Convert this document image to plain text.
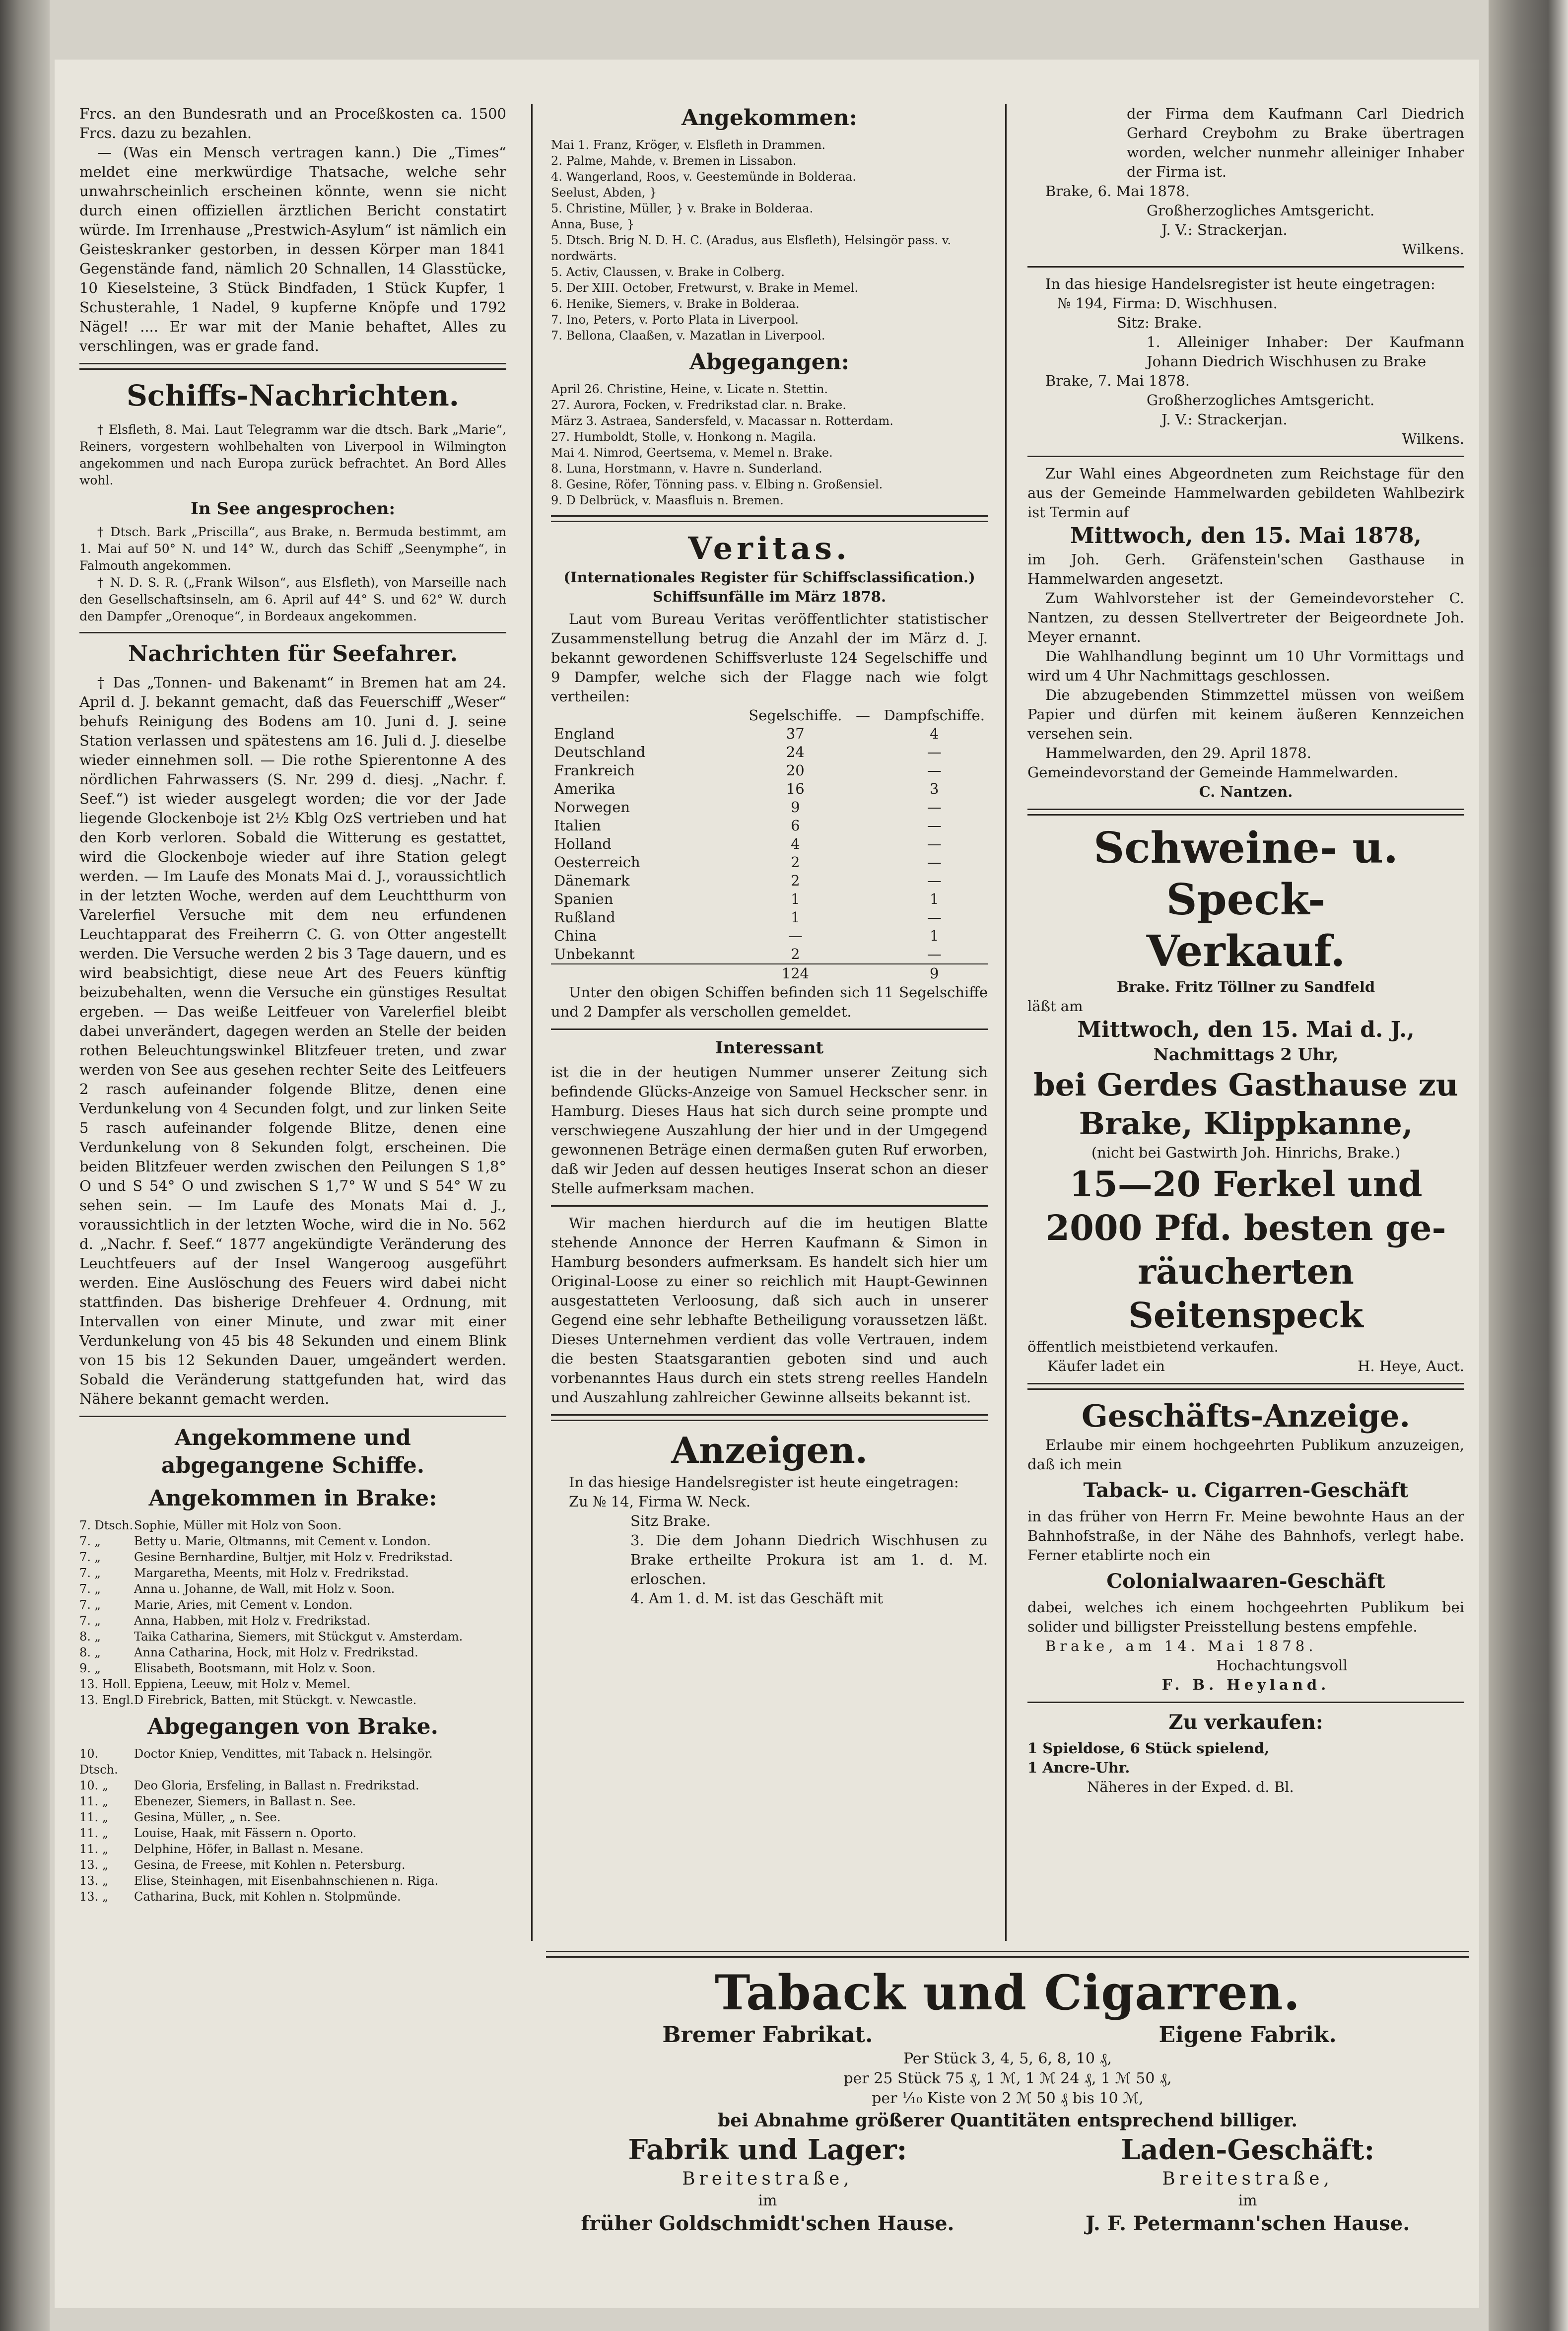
Frcs. an den Bundesrath und an Proceßkosten ca. 1500 Frcs. dazu zu bezahlen.

— (Was ein Mensch vertragen kann.) Die „Times“ meldet eine merkwürdige Thatsache, welche sehr unwahrscheinlich erscheinen könnte, wenn sie nicht durch einen offiziellen ärztlichen Bericht constatirt würde. Im Irrenhause „Prestwich-Asylum“ ist nämlich ein Geisteskranker gestorben, in dessen Körper man 1841 Gegenstände fand, nämlich 20 Schnallen, 14 Glasstücke, 10 Kieselsteine, 3 Stück Bindfaden, 1 Stück Kupfer, 1 Schusterahle, 1 Nadel, 9 kupferne Knöpfe und 1792 Nägel! .... Er war mit der Manie behaftet, Alles zu verschlingen, was er grade fand.

Schiffs-Nachrichten.

† Elsfleth, 8. Mai. Laut Telegramm war die dtsch. Bark „Marie“, Reiners, vorgestern wohlbehalten von Liverpool in Wilmington angekommen und nach Europa zurück befrachtet. An Bord Alles wohl.

In See angesprochen:

† Dtsch. Bark „Priscilla“, aus Brake, n. Bermuda bestimmt, am 1. Mai auf 50° N. und 14° W., durch das Schiff „Seenymphe“, in Falmouth angekommen.

† N. D. S. R. („Frank Wilson“, aus Elsfleth), von Marseille nach den Gesellschaftsinseln, am 6. April auf 44° S. und 62° W. durch den Dampfer „Orenoque“, in Bordeaux angekommen.

Nachrichten für Seefahrer.

† Das „Tonnen- und Bakenamt“ in Bremen hat am 24. April d. J. bekannt gemacht, daß das Feuerschiff „Weser“ behufs Reinigung des Bodens am 10. Juni d. J. seine Station verlassen und spätestens am 16. Juli d. J. dieselbe wieder einnehmen soll. — Die rothe Spierentonne A des nördlichen Fahrwassers (S. Nr. 299 d. diesj. „Nachr. f. Seef.“) ist wieder ausgelegt worden; die vor der Jade liegende Glockenboje ist 2½ Kblg OzS vertrieben und hat den Korb verloren. Sobald die Witterung es gestattet, wird die Glockenboje wieder auf ihre Station gelegt werden. — Im Laufe des Monats Mai d. J., voraussichtlich in der letzten Woche, werden auf dem Leuchtthurm von Varelerfiel Versuche mit dem neu erfundenen Leuchtapparat des Freiherrn C. G. von Otter angestellt werden. Die Versuche werden 2 bis 3 Tage dauern, und es wird beabsichtigt, diese neue Art des Feuers künftig beizubehalten, wenn die Versuche ein günstiges Resultat ergeben. — Das weiße Leitfeuer von Varelerfiel bleibt dabei unverändert, dagegen werden an Stelle der beiden rothen Beleuchtungswinkel Blitzfeuer treten, und zwar werden von See aus gesehen rechter Seite des Leitfeuers 2 rasch aufeinander folgende Blitze, denen eine Verdunkelung von 4 Secunden folgt, und zur linken Seite 5 rasch aufeinander folgende Blitze, denen eine Verdunkelung von 8 Sekunden folgt, erscheinen. Die beiden Blitzfeuer werden zwischen den Peilungen S 1,8° O und S 54° O und zwischen S 1,7° W und S 54° W zu sehen sein. — Im Laufe des Monats Mai d. J., voraussichtlich in der letzten Woche, wird die in No. 562 d. „Nachr. f. Seef.“ 1877 angekündigte Veränderung des Leuchtfeuers auf der Insel Wangeroog ausgeführt werden. Eine Auslöschung des Feuers wird dabei nicht stattfinden. Das bisherige Drehfeuer 4. Ordnung, mit Intervallen von einer Minute, und zwar mit einer Verdunkelung von 45 bis 48 Sekunden und einem Blink von 15 bis 12 Sekunden Dauer, umgeändert werden. Sobald die Veränderung stattgefunden hat, wird das Nähere bekannt gemacht werden.

Angekommene und
abgegangene Schiffe.
Angekommen in Brake:
7. Dtsch. Sophie, Müller mit Holz von Soon.
7. „	Betty u. Marie, Oltmanns, mit Cement v. London.
7. „	Gesine Bernhardine, Bultjer, mit Holz v. Fredrikstad.
7. „	Margaretha, Meents, mit Holz v. Fredrikstad.
7. „	Anna u. Johanne, de Wall, mit Holz v. Soon.
7. „	Marie, Aries, mit Cement v. London.
7. „	Anna, Habben, mit Holz v. Fredrikstad.
8. „	Taika Catharina, Siemers, mit Stückgut v. Amsterdam.
8. „	Anna Catharina, Hock, mit Holz v. Fredrikstad.
9. „	Elisabeth, Bootsmann, mit Holz v. Soon.
13. Holl. Eppiena, Leeuw, mit Holz v. Memel.
13. Engl. D Firebrick, Batten, mit Stückgt. v. Newcastle.
Abgegangen von Brake.
10. Dtsch.
Doctor Kniep, Vendittes, mit Taback n. Helsingör.
10. „	Deo Gloria, Ersfeling, in Ballast n. Fredrikstad.
11. „	Ebenezer, Siemers, in Ballast n. See.
11. „	Gesina, Müller, „ n. See.
11. „	Louise, Haak, mit Fässern n. Oporto.
11. „	Delphine, Höfer, in Ballast n. Mesane.
13. „	Gesina, de Freese, mit Kohlen n. Petersburg.
13. „	Elise, Steinhagen, mit Eisenbahnschienen n. Riga.
13. „	Catharina, Buck, mit Kohlen n. Stolpmünde.
Angekommen:
Mai 1. Franz, Kröger, v. Elsfleth in Drammen.
2. Palme, Mahde, v. Bremen in Lissabon.
4. Wangerland, Roos, v. Geestemünde in Bolderaa.
Seelust, Abden, }
5. Christine, Müller, } v. Brake in Bolderaa.
Anna, Buse, }
5. Dtsch. Brig N. D. H. C. (Aradus, aus Elsfleth), Helsingör pass. v. nordwärts.
5. Activ, Claussen, v. Brake in Colberg.
5. Der XIII. October, Fretwurst, v. Brake in Memel.
6. Henike, Siemers, v. Brake in Bolderaa.
7. Ino, Peters, v. Porto Plata in Liverpool.
7. Bellona, Claaßen, v. Mazatlan in Liverpool.
Abgegangen:
April 26. Christine, Heine, v. Licate n. Stettin.
27. Aurora, Focken, v. Fredrikstad clar. n. Brake.
März 3. Astraea, Sandersfeld, v. Macassar n. Rotterdam.
27. Humboldt, Stolle, v. Honkong n. Magila.
Mai 4. Nimrod, Geertsema, v. Memel n. Brake.
8. Luna, Horstmann, v. Havre n. Sunderland.
8. Gesine, Röfer, Tönning pass. v. Elbing n. Großensiel.
9. D Delbrück, v. Maasfluis n. Bremen.
Veritas.
(Internationales Register für Schiffsclassification.)
Schiffsunfälle im März 1878.

Laut vom Bureau Veritas veröffentlichter statistischer Zusammenstellung betrug die Anzahl der im März d. J. bekannt gewordenen Schiffsverluste 124 Segelschiffe und 9 Dampfer, welche sich der Flagge nach wie folgt vertheilen:

	Segelschiffe.	—	Dampfschiffe.
England	37		4
Deutschland	24		—
Frankreich	20		—
Amerika	16		3
Norwegen	9		—
Italien	6		—
Holland	4		—
Oesterreich	2		—
Dänemark	2		—
Spanien	1		1
Rußland	1		—
China	—		1
Unbekannt	2		—
	124		9

Unter den obigen Schiffen befinden sich 11 Segelschiffe und 2 Dampfer als verschollen gemeldet.

Interessant

ist die in der heutigen Nummer unserer Zeitung sich befindende Glücks-Anzeige von Samuel Heckscher senr. in Hamburg. Dieses Haus hat sich durch seine prompte und verschwiegene Auszahlung der hier und in der Umgegend gewonnenen Beträge einen dermaßen guten Ruf erworben, daß wir Jeden auf dessen heutiges Inserat schon an dieser Stelle aufmerksam machen.

Wir machen hierdurch auf die im heutigen Blatte stehende Annonce der Herren Kaufmann & Simon in Hamburg besonders aufmerksam. Es handelt sich hier um Original-Loose zu einer so reichlich mit Haupt-Gewinnen ausgestatteten Verloosung, daß sich auch in unserer Gegend eine sehr lebhafte Betheiligung voraussetzen läßt. Dieses Unternehmen verdient das volle Vertrauen, indem die besten Staatsgarantien geboten sind und auch vorbenanntes Haus durch ein stets streng reelles Handeln und Auszahlung zahlreicher Gewinne allseits bekannt ist.

Anzeigen.

In das hiesige Handelsregister ist heute eingetragen:

Zu № 14, Firma W. Neck.

Sitz Brake.

3. Die dem Johann Diedrich Wischhusen zu Brake ertheilte Prokura ist am 1. d. M. erloschen.

4. Am 1. d. M. ist das Geschäft mit

der Firma dem Kaufmann Carl Diedrich Gerhard Creybohm zu Brake übertragen worden, welcher nunmehr alleiniger Inhaber der Firma ist.

Brake, 6. Mai 1878.

Großherzogliches Amtsgericht.

J. V.: Strackerjan.

Wilkens.

In das hiesige Handelsregister ist heute eingetragen:

№ 194, Firma: D. Wischhusen.

Sitz: Brake.

1. Alleiniger Inhaber: Der Kaufmann Johann Diedrich Wischhusen zu Brake

Brake, 7. Mai 1878.

Großherzogliches Amtsgericht.

J. V.: Strackerjan.

Wilkens.

Zur Wahl eines Abgeordneten zum Reichstage für den aus der Gemeinde Hammelwarden gebildeten Wahlbezirk ist Termin auf

Mittwoch, den 15. Mai 1878,

im Joh. Gerh. Gräfenstein'schen Gasthause in Hammelwarden angesetzt.

Zum Wahlvorsteher ist der Gemeindevorsteher C. Nantzen, zu dessen Stellvertreter der Beigeordnete Joh. Meyer ernannt.

Die Wahlhandlung beginnt um 10 Uhr Vormittags und wird um 4 Uhr Nachmittags geschlossen.

Die abzugebenden Stimmzettel müssen von weißem Papier und dürfen mit keinem äußeren Kennzeichen versehen sein.

Hammelwarden, den 29. April 1878.

Gemeindevorstand der Gemeinde Hammelwarden.

C. Nantzen.

Schweine- u. Speck-
Verkauf.

Brake. Fritz Töllner zu Sandfeld

läßt am

Mittwoch, den 15. Mai d. J.,
Nachmittags 2 Uhr,
bei Gerdes Gasthause zu
Brake, Klippkanne,

(nicht bei Gastwirth Joh. Hinrichs, Brake.)

15—20 Ferkel und
2000 Pfd. besten ge-
räucherten Seitenspeck

öffentlich meistbietend verkaufen.

Käufer ladet ein	H. Heye, Auct.
Geschäfts-Anzeige.

Erlaube mir einem hochgeehrten Publikum anzuzeigen, daß ich mein

Taback- u. Cigarren-Geschäft

in das früher von Herrn Fr. Meine bewohnte Haus an der Bahnhofstraße, in der Nähe des Bahnhofs, verlegt habe. Ferner etablirte noch ein

Colonialwaaren-Geschäft

dabei, welches ich einem hochgeehrten Publikum bei solider und billigster Preisstellung bestens empfehle.

Brake, am 14. Mai 1878.

Hochachtungsvoll

F. B. Heyland.

Zu verkaufen:

1 Spieldose, 6 Stück spielend,

1 Ancre-Uhr.

Näheres in der Exped. d. Bl.

Taback und Cigarren.
Bremer Fabrikat.	Eigene Fabrik.

Per Stück 3, 4, 5, 6, 8, 10 ₰,

per 25 Stück 75 ₰, 1 ℳ, 1 ℳ 24 ₰, 1 ℳ 50 ₰,

per ¹⁄₁₀ Kiste von 2 ℳ 50 ₰ bis 10 ℳ,

bei Abnahme größerer Quantitäten entsprechend billiger.

Fabrik und Lager:
Breitestraße,
im
früher Goldschmidt'schen Hause.
Laden-Geschäft:
Breitestraße,
im
J. F. Petermann'schen Hause.
